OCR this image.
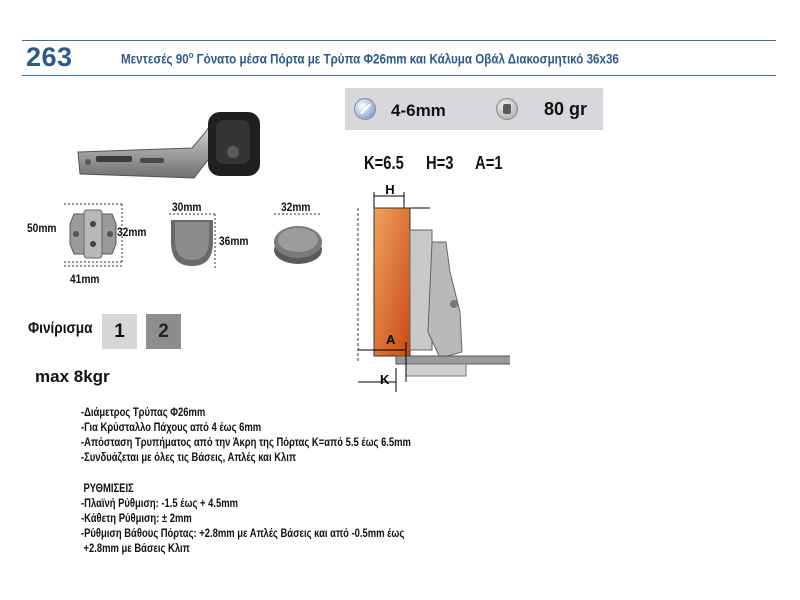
263	Μεντεσές 90$^o$ Γόνατο μέσα Πόρτα με Τρύπα Φ26mm και Κάλυμα Οβάλ Διακοσμητικό 36x36
50mm	32mm
41mm
30mm
36mm
32mm
4-6mm	80 gr
K=6.5 H=3 A=1
H
A
K
Φινίρισμα	1	2
max 8kgr
-Διάμετρος Τρύπας Φ26mm
-Για Κρύσταλλο Πάχους από 4 έως 6mm
-Απόσταση Τρυπήματος από την Άκρη της Πόρτας K=από 5.5 έως 6.5mm
-Συνδυάζεται με όλες τις Βάσεις, Απλές και Κλιπ
ΡΥΘΜΙΣΕΙΣ
-Πλαϊνή Ρύθμιση: -1.5 έως + 4.5mm
-Κάθετη Ρύθμιση: ± 2mm
-Ρύθμιση Βάθους Πόρτας: +2.8mm με Απλές Βάσεις και από -0.5mm έως
+2.8mm με Βάσεις Κλιπ
